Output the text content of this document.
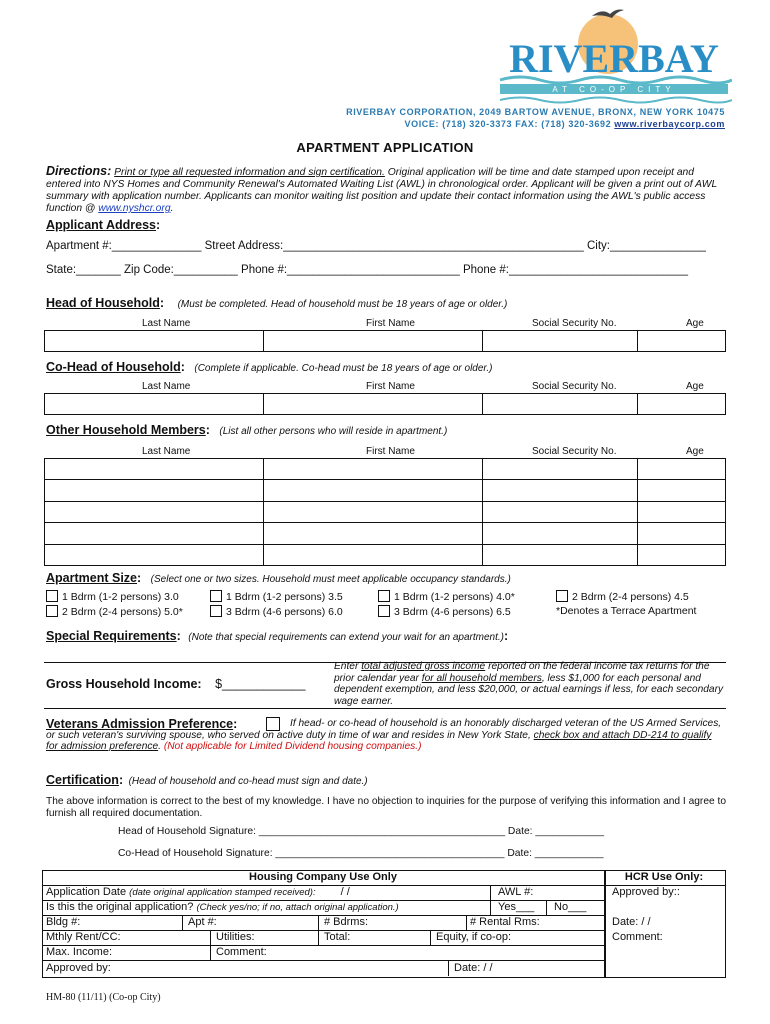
RIVERBAY
AT CO-OP CITY
RIVERBAY CORPORATION, 2049 BARTOW AVENUE, BRONX, NEW YORK 10475
VOICE: (718) 320-3373 FAX: (718) 320-3692 www.riverbaycorp.com
APARTMENT APPLICATION
Directions: Print or type all requested information and sign certification. Original application will be time and date stamped upon receipt and entered into NYS Homes and Community Renewal's Automated Waiting List (AWL) in chronological order. Applicant will be given a print out of AWL summary with application number. Applicants can monitor waiting list position and update their contact information using the AWL's public access function @ www.nyshcr.org.
Applicant Address:
Apartment #:______________ Street Address:_______________________________________________ City:_______________
State:_______ Zip Code:__________ Phone #:___________________________ Phone #:____________________________
Head of Household: (Must be completed. Head of household must be 18 years of age or older.)
Last Name	First Name	Social Security No.	Age

Co-Head of Household: (Complete if applicable. Co-head must be 18 years of age or older.)
Last Name	First Name	Social Security No.	Age

Other Household Members: (List all other persons who will reside in apartment.)
Last Name	First Name	Social Security No.	Age

Apartment Size: (Select one or two sizes. Household must meet applicable occupancy standards.)
1 Bdrm (1-2 persons) 3.0	1 Bdrm (1-2 persons) 3.5	1 Bdrm (1-2 persons) 4.0*	2 Bdrm (2-4 persons) 4.5
2 Bdrm (2-4 persons) 5.0*	3 Bdrm (4-6 persons) 6.0	3 Bdrm (4-6 persons) 6.5	*Denotes a Terrace Apartment
Special Requirements: (Note that special requirements can extend your wait for an apartment.):
Gross Household Income: $____________
Enter total adjusted gross income reported on the federal income tax returns for the prior calendar year for all household members, less $1,000 for each personal and dependent exemption, and less $20,000, or actual earnings if less, for each secondary wage earner.
Veterans Admission Preference:	If head- or co-head of household is an honorably discharged veteran of the US Armed Services, or such veteran's surviving spouse, who served on active duty in time of war and resides in New York State, check box and attach DD-214 to qualify for admission preference. (Not applicable for Limited Dividend housing companies.)
Certification: (Head of household and co-head must sign and date.)
The above information is correct to the best of my knowledge. I have no objection to inquiries for the purpose of verifying this information and I agree to furnish all required documentation.
Head of Household Signature: ___________________________________________ Date: ____________
Co-Head of Household Signature: ________________________________________ Date: ____________
Housing Company Use Only	HCR Use Only:
Application Date (date original application stamped received): / /	AWL #:	Approved by::
Is this the original application? (Check yes/no; if no, attach original application.)	Yes___ No___
Bldg #:	Apt #:	# Bdrms:	# Rental Rms:	Date: / /
Mthly Rent/CC:	Utilities:	Total:	Equity, if co-op:	Comment:
Max. Income:	Comment:
Approved by:	Date: / /
HM-80 (11/11) (Co-op City)
